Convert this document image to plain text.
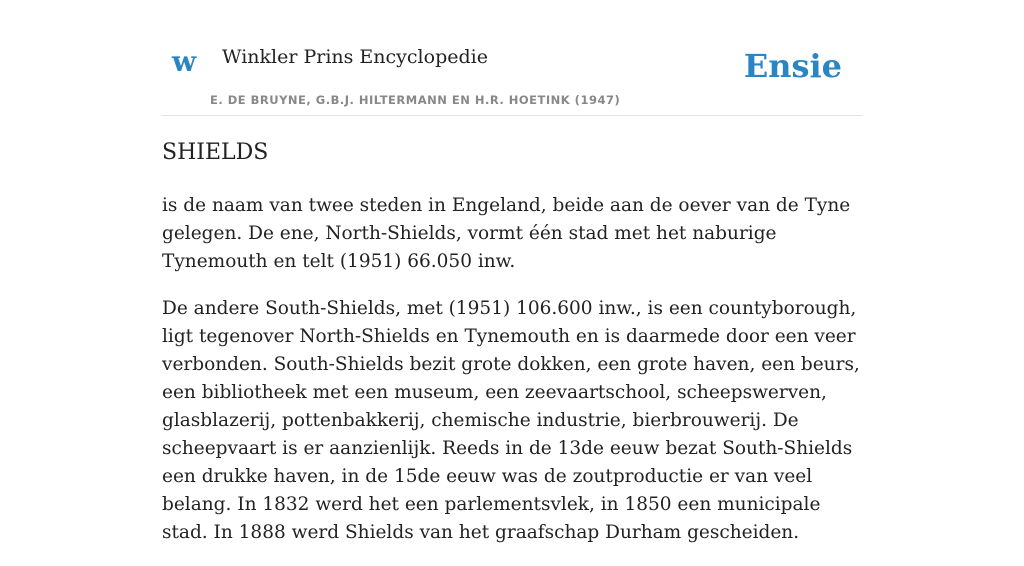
w Winkler Prins Encyclopedie
E. DE BRUYNE, G.B.J. HILTERMANN EN H.R. HOETINK (1947)
Ensie
SHIELDS

is de naam van twee steden in Engeland, beide aan de oever van de Tyne gelegen. De ene, North-Shields, vormt één stad met het naburige Tynemouth en telt (1951) 66.050 inw.

De andere South-Shields, met (1951) 106.600 inw., is een countyborough, ligt tegenover North-Shields en Tynemouth en is daarmede door een veer verbonden. South-Shields bezit grote dokken, een grote haven, een beurs, een bibliotheek met een museum, een zeevaartschool, scheepswerven, glasblazerij, pottenbakkerij, chemische industrie, bierbrouwerij. De scheepvaart is er aanzienlijk. Reeds in de 13de eeuw bezat South-Shields een drukke haven, in de 15de eeuw was de zoutproductie er van veel belang. In 1832 werd het een parlementsvlek, in 1850 een municipale stad. In 1888 werd Shields van het graafschap Durham gescheiden.
